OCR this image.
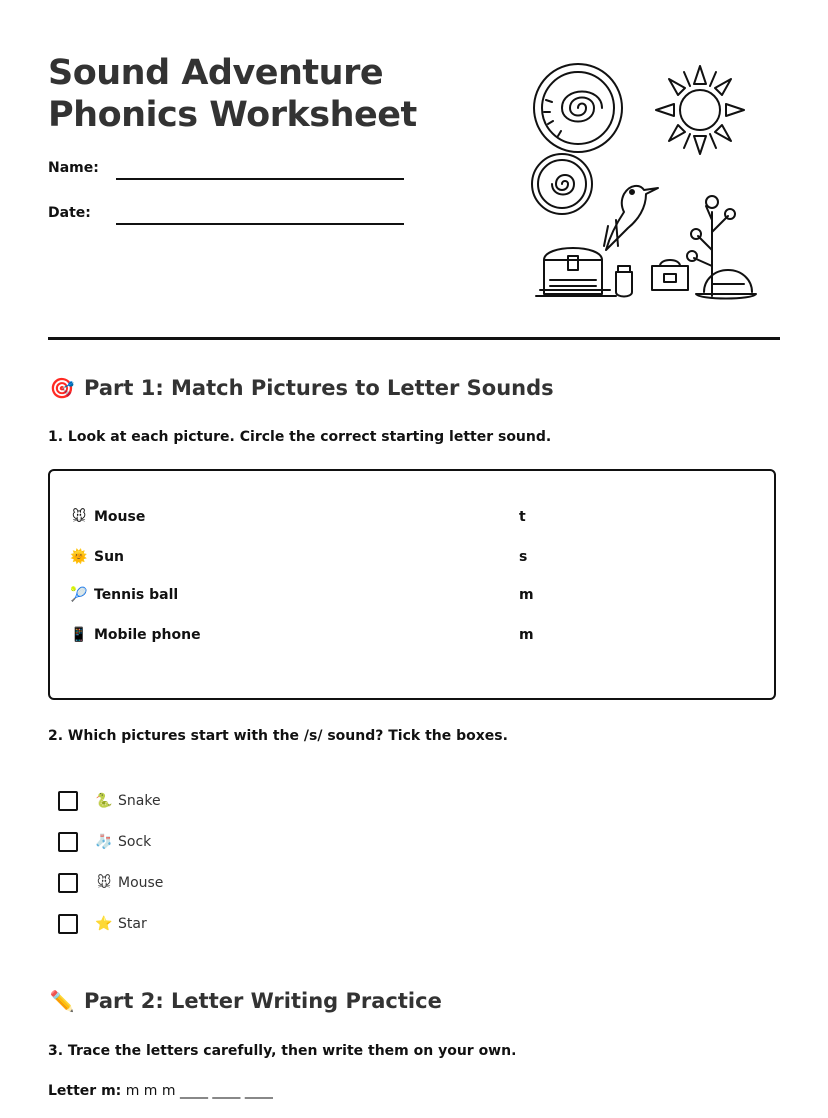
Sound Adventure
Phonics Worksheet
Name:
Date:
🎯 Part 1: Match Pictures to Letter Sounds

1. Look at each picture. Circle the correct starting letter sound.

🐭 Mouse	t
🌞 Sun	s
🎾 Tennis ball	m
📱 Mobile phone	m

2. Which pictures start with the /s/ sound? Tick the boxes.

🐍 Snake
🧦 Sock
🐭 Mouse
⭐ Star
✏️ Part 2: Letter Writing Practice

3. Trace the letters carefully, then write them on your own.

Letter m: m m m ____ ____ ____
